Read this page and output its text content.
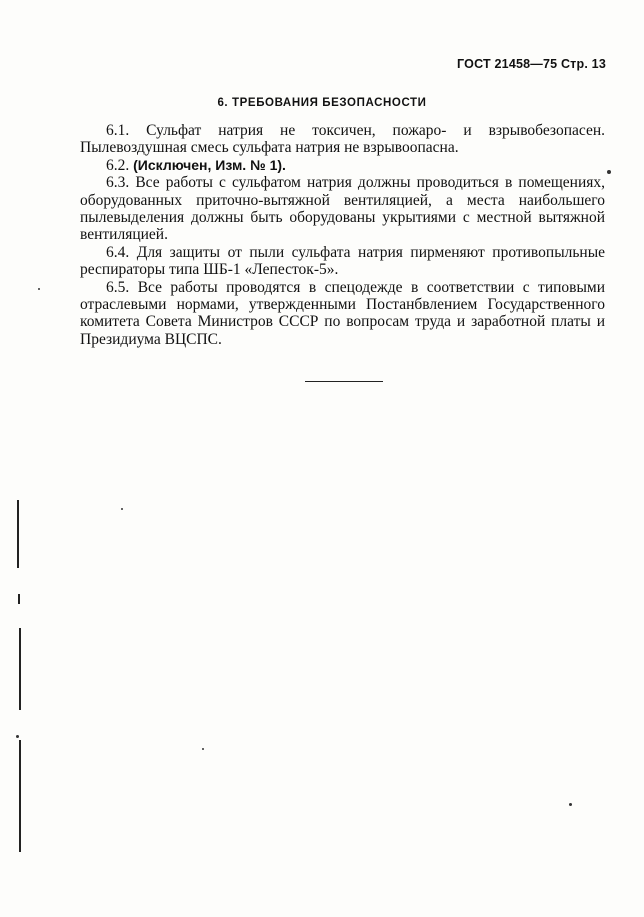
ГОСТ 21458—75 Стр. 13
6. ТРЕБОВАНИЯ БЕЗОПАСНОСТИ

6.1. Сульфат натрия не токсичен, пожаро- и взрывобезопасен. Пылевоздушная смесь сульфата натрия не взрывоопасна.

6.2. (Исключен, Изм. № 1).

6.3. Все работы с сульфатом натрия должны проводиться в помещениях, оборудованных приточно-вытяжной вентиляцией, а места наибольшего пылевыделения должны быть оборудованы укрытиями с местной вытяжной вентиляцией.

6.4. Для защиты от пыли сульфата натрия пирменяют противопыльные респираторы типа ШБ-1 «Лепесток-5».

6.5. Все работы проводятся в спецодежде в соответствии с типовыми отраслевыми нормами, утвержденными Постанбвлением Государственного комитета Совета Министров СССР по вопросам труда и заработной платы и Президиума ВЦСПС.
